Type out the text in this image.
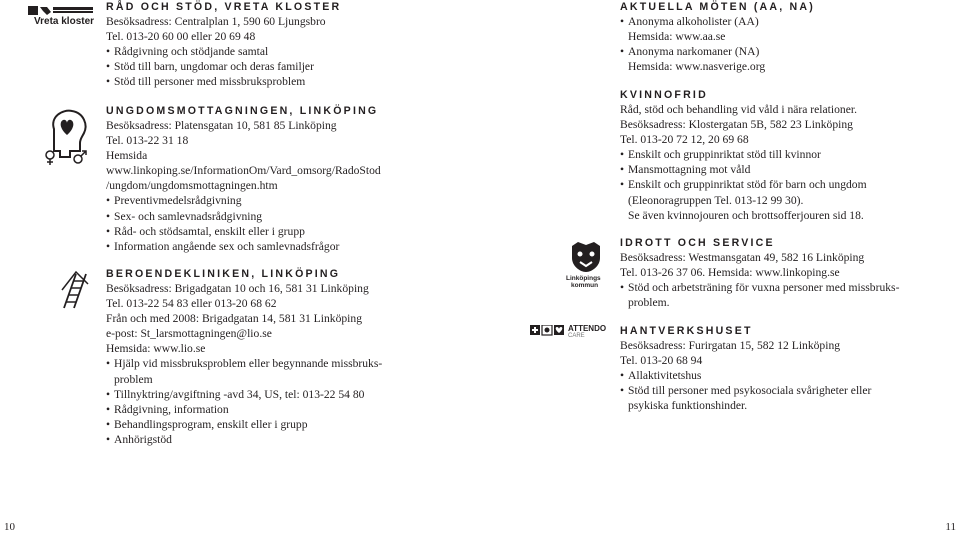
Vreta kloster
RÅD OCH STÖD, VRETA KLOSTER
Besöksadress: Centralplan 1, 590 60 Ljungsbro
Tel. 013-20 60 00 eller 20 69 48
• Rådgivning och stödjande samtal
• Stöd till barn, ungdomar och deras familjer
• Stöd till personer med missbruksproblem
UNGDOMSMOTTAGNINGEN, LINKÖPING
Besöksadress: Platensgatan 10, 581 85 Linköping
Tel. 013-22 31 18
Hemsida
www.linkoping.se/InformationOm/Vard_omsorg/RadoStod
/ungdom/ungdomsmottagningen.htm
• Preventivmedelsrådgivning
• Sex- och samlevnadsrådgivning
• Råd- och stödsamtal, enskilt eller i grupp
• Information angående sex och samlevnadsfrågor
BEROENDEKLINIKEN, LINKÖPING
Besöksadress: Brigadgatan 10 och 16, 581 31 Linköping
Tel. 013-22 54 83 eller 013-20 68 62
Från och med 2008: Brigadgatan 14, 581 31 Linköping
e-post: St_larsmottagningen@lio.se
Hemsida: www.lio.se
• Hjälp vid missbruksproblem eller begynnande missbruks-
problem
• Tillnyktring/avgiftning -avd 34, US, tel: 013-22 54 80
• Rådgivning, information
• Behandlingsprogram, enskilt eller i grupp
• Anhörigstöd
10
Linköpings
kommun
ATTENDO
CARE
AKTUELLA MÖTEN (AA, NA)
• Anonyma alkoholister (AA)
Hemsida: www.aa.se
• Anonyma narkomaner (NA)
Hemsida: www.nasverige.org
KVINNOFRID
Råd, stöd och behandling vid våld i nära relationer.
Besöksadress: Klostergatan 5B, 582 23 Linköping
Tel. 013-20 72 12, 20 69 68
• Enskilt och gruppinriktat stöd till kvinnor
• Mansmottagning mot våld
• Enskilt och gruppinriktat stöd för barn och ungdom
(Eleonoragruppen Tel. 013-12 99 30).
Se även kvinnojouren och brottsofferjouren sid 18.
IDROTT OCH SERVICE
Besöksadress: Westmansgatan 49, 582 16 Linköping
Tel. 013-26 37 06. Hemsida: www.linkoping.se
• Stöd och arbetsträning för vuxna personer med missbruks-
problem.
HANTVERKSHUSET
Besöksadress: Furirgatan 15, 582 12 Linköping
Tel. 013-20 68 94
• Allaktivitetshus
• Stöd till personer med psykosociala svårigheter eller
psykiska funktionshinder.
11
